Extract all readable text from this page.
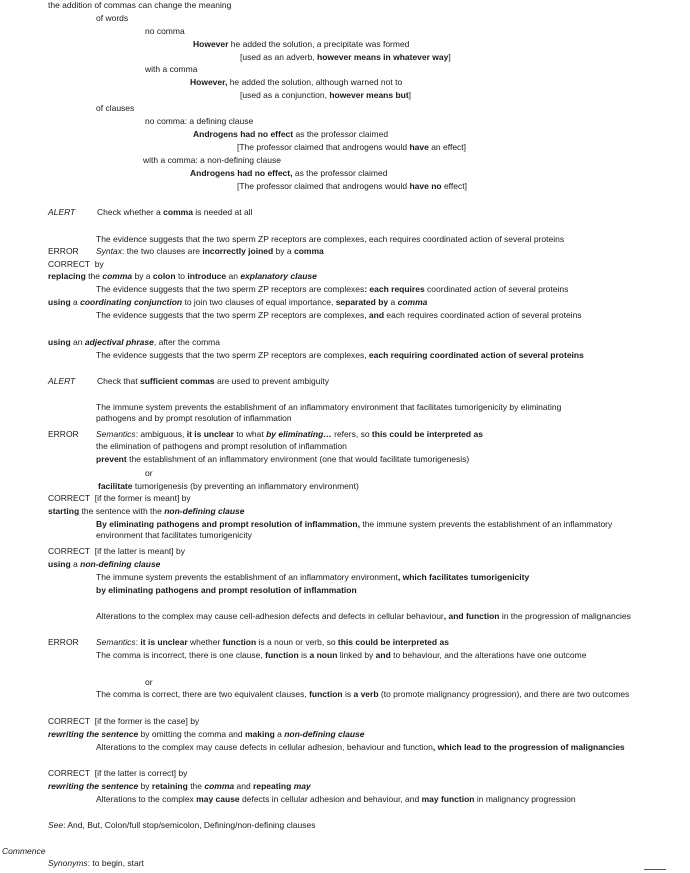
the addition of commas can change the meaning
of words
no comma
However he added the solution, a precipitate was formed
[used as an adverb, however means in whatever way]
with a comma
However, he added the solution, although warned not to
[used as a conjunction, however means but]
of clauses
no comma: a defining clause
Androgens had no effect as the professor claimed
[The professor claimed that androgens would have an effect]
with a comma: a non-defining clause
Androgens had no effect, as the professor claimed
[The professor claimed that androgens would have no effect]
ALERT	Check whether a comma is needed at all
The evidence suggests that the two sperm ZP receptors are complexes, each requires coordinated action of several proteins
ERROR Syntax: the two clauses are incorrectly joined by a comma
CORRECT by
replacing the comma by a colon to introduce an explanatory clause
The evidence suggests that the two sperm ZP receptors are complexes: each requires coordinated action of several proteins
using a coordinating conjunction to join two clauses of equal importance, separated by a comma
The evidence suggests that the two sperm ZP receptors are complexes, and each requires coordinated action of several proteins
using an adjectival phrase, after the comma
The evidence suggests that the two sperm ZP receptors are complexes, each requiring coordinated action of several proteins
ALERT	Check that sufficient commas are used to prevent ambiguity
The immune system prevents the establishment of an inflammatory environment that facilitates tumorigenicity by eliminating pathogens and by prompt resolution of inflammation
ERROR Semantics: ambiguous, it is unclear to what by eliminating… refers, so this could be interpreted as
the elimination of pathogens and prompt resolution of inflammation
prevent the establishment of an inflammatory environment (one that would facilitate tumorigenesis)
or
facilitate tumorigenesis (by preventing an inflammatory environment)
CORRECT [if the former is meant] by
starting the sentence with the non-defining clause
By eliminating pathogens and prompt resolution of inflammation, the immune system prevents the establishment of an inflammatory environment that facilitates tumorigenicity
CORRECT [if the latter is meant] by
using a non-defining clause
The immune system prevents the establishment of an inflammatory environment, which facilitates tumorigenicity
by eliminating pathogens and prompt resolution of inflammation
Alterations to the complex may cause cell-adhesion defects and defects in cellular behaviour, and function in the progression of malignancies
ERROR Semantics: it is unclear whether function is a noun or verb, so this could be interpreted as
The comma is incorrect, there is one clause, function is a noun linked by and to behaviour, and the alterations have one outcome
or
The comma is correct, there are two equivalent clauses, function is a verb (to promote malignancy progression), and there are two outcomes
CORRECT [if the former is the case] by
rewriting the sentence by omitting the comma and making a non-defining clause
Alterations to the complex may cause defects in cellular adhesion, behaviour and function, which lead to the progression of malignancies
CORRECT [if the latter is correct] by
rewriting the sentence by retaining the comma and repeating may
Alterations to the complex may cause defects in cellular adhesion and behaviour, and may function in malignancy progression
See: And, But, Colon/full stop/semicolon, Defining/non-defining clauses
Commence
Synonyms: to begin, start
